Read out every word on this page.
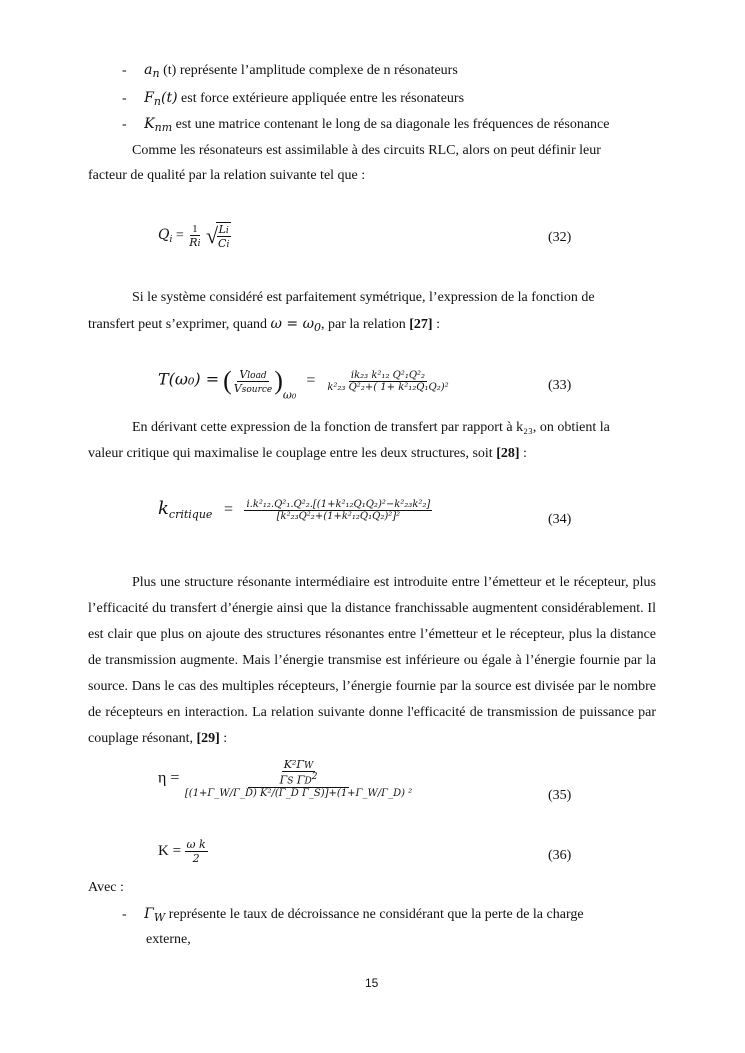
- $a_n$ (t) représente l’amplitude complexe de n résonateurs
- $F_n(t)$ est force extérieure appliquée entre les résonateurs
- $K_{nm}$ est une matrice contenant le long de sa diagonale les fréquences de résonance
Comme les résonateurs est assimilable à des circuits RLC, alors on peut définir leur
facteur de qualité par la relation suivante tel que :
$Q_i = \frac{1}{Ri}$ √
$\frac{Li}{Ci}$	(32)
Si le système considéré est parfaitement symétrique, l’expression de la fonction de
transfert peut s’exprimer, quand $\omega = \omega_0$, par la relation [27] :
T(ω₀) = ( $\frac{\text{Vload}}{\text{Vsource}} )_{\omega_0} = \frac{\text{ik₂₃ k²₁₂ Q²₁Q²₂}}{\text{k²₂₃ Q²₂+( 1+ k²₁₂Q₁Q₂)²}}$	(33)
En dérivant cette expression de la fonction de transfert par rapport à k₂₃, on obtient la
valeur critique qui maximalise le couplage entre les deux structures, soit [28] :
$k_{critique} = \frac{\text{i.k²₁₂.Q²₁.Q²₂.[(1+k²₁₂Q₁Q₂)²−k²₂₃k²₂]}}{\text{[k²₂₃Q²₂+(1+k²₁₂Q₁Q₂)²]²}}$	(34)
Plus une structure résonante intermédiaire est introduite entre l’émetteur et le récepteur, plus l’efficacité du transfert d’énergie ainsi que la distance franchissable augmentent considérablement. Il est clair que plus on ajoute des structures résonantes entre l’émetteur et le récepteur, plus la distance de transmission augmente. Mais l’énergie transmise est inférieure ou égale à l’énergie fournie par la source. Dans le cas des multiples récepteurs, l’énergie fournie par la source est divisée par le nombre de récepteurs en interaction. La relation suivante donne l'efficacité de transmission de puissance par couplage résonant, [29] :
$\eta = \frac{\frac{\text{K²ΓW}}{\Gamma S \Gamma D^2}}{\text{[(1+Γ\_W/Γ\_D) K²/(Γ\_D Γ\_S)]+(1+Γ\_W/Γ\_D) ²}}$	(35)
$K = \frac{\text{ω k}}{2}$	(36)
Avec :
- $\Gamma_W$ représente le taux de décroissance ne considérant que la perte de la charge
externe,
15
